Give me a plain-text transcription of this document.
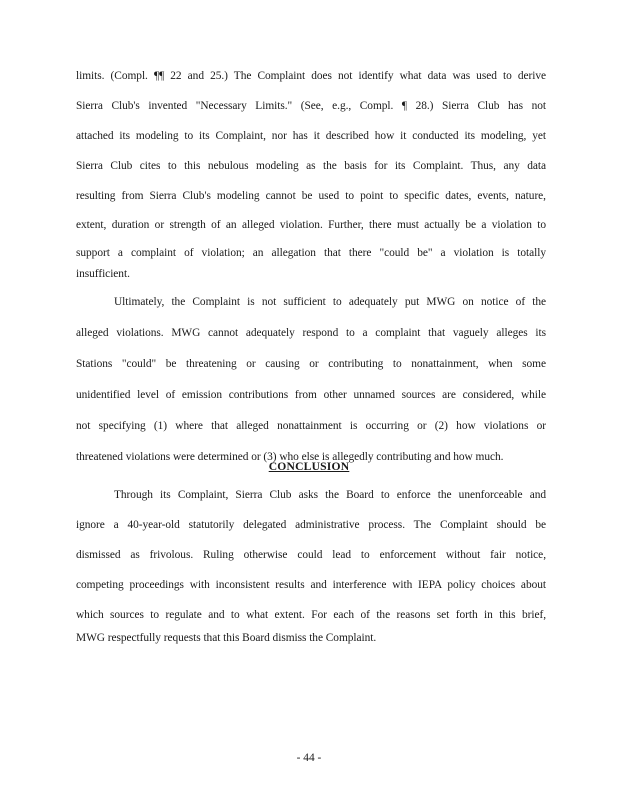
limits. (Compl. ¶¶ 22 and 25.) The Complaint does not identify what data was used to derive
Sierra Club's invented "Necessary Limits." (See, e.g., Compl. ¶ 28.) Sierra Club has not
attached its modeling to its Complaint, nor has it described how it conducted its modeling, yet
Sierra Club cites to this nebulous modeling as the basis for its Complaint. Thus, any data
resulting from Sierra Club's modeling cannot be used to point to specific dates, events, nature,
extent, duration or strength of an alleged violation. Further, there must actually be a violation to
support a complaint of violation; an allegation that there "could be" a violation is totally
insufficient.
Ultimately, the Complaint is not sufficient to adequately put MWG on notice of the
alleged violations. MWG cannot adequately respond to a complaint that vaguely alleges its
Stations "could" be threatening or causing or contributing to nonattainment, when some
unidentified level of emission contributions from other unnamed sources are considered, while
not specifying (1) where that alleged nonattainment is occurring or (2) how violations or
CONCLUSION
Through its Complaint, Sierra Club asks the Board to enforce the unenforceable and
ignore a 40-year-old statutorily delegated administrative process. The Complaint should be
dismissed as frivolous. Ruling otherwise could lead to enforcement without fair notice,
competing proceedings with inconsistent results and interference with IEPA policy choices about
which sources to regulate and to what extent. For each of the reasons set forth in this brief,
MWG respectfully requests that this Board dismiss the Complaint.
- 44 -
threatened violations were determined or (3) who else is allegedly contributing and how much.
